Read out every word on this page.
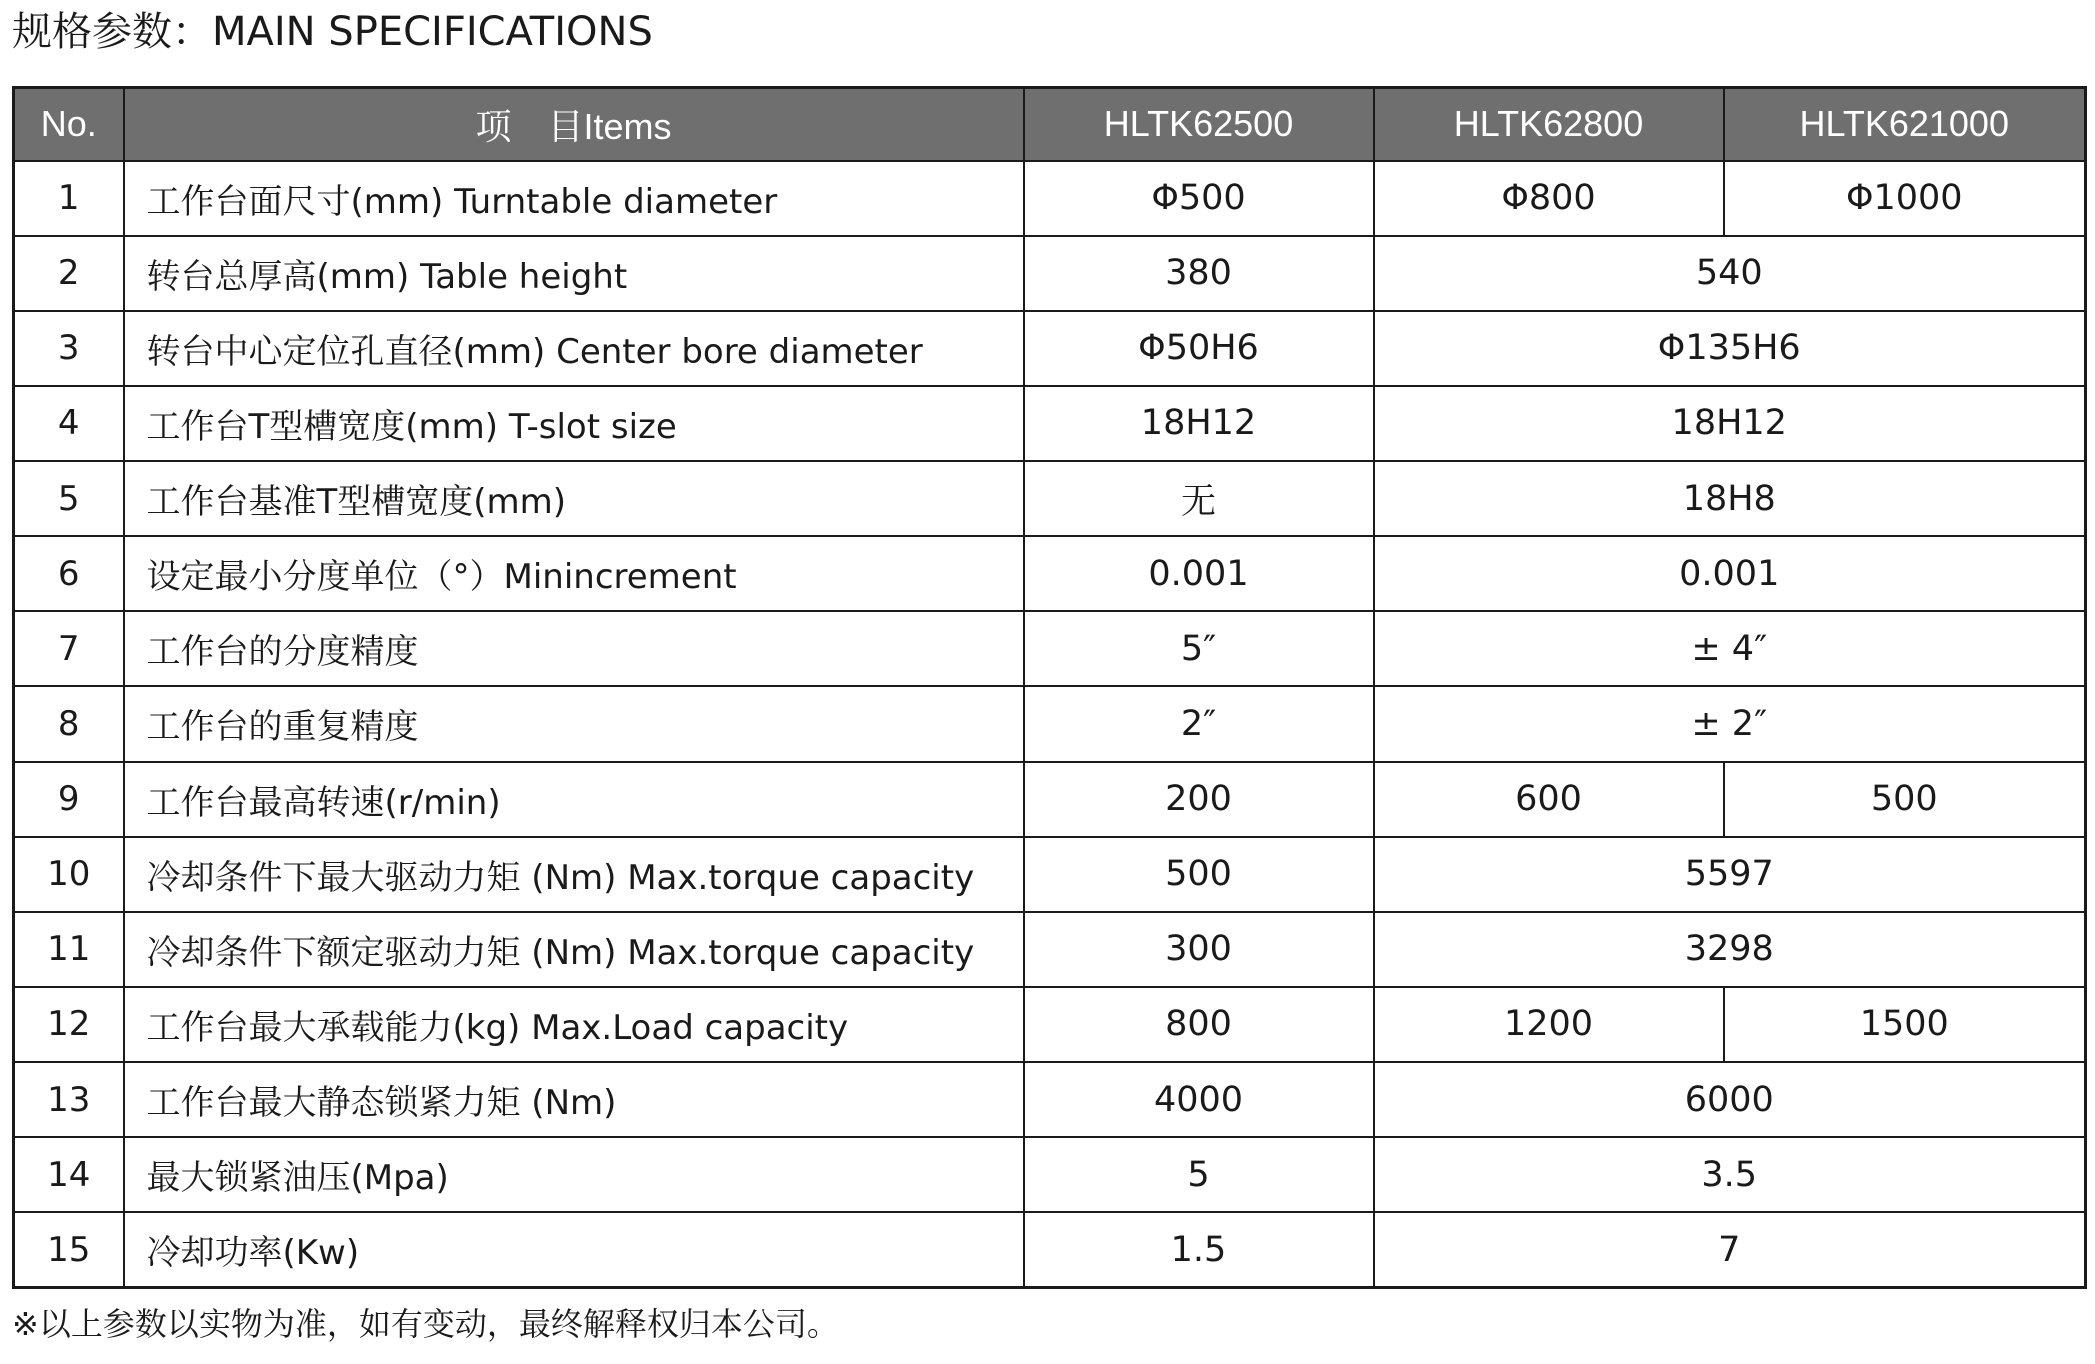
规格参数：MAIN SPECIFICATIONS
No.	项　目Items	HLTK62500	HLTK62800	HLTK621000
1	工作台面尺寸(mm) Turntable diameter	Φ500	Φ800	Φ1000
2	转台总厚高(mm) Table height	380	540	
3	转台中心定位孔直径(mm) Center bore diameter	Φ50H6	Φ135H6	
4	工作台T型槽宽度(mm) T-slot size	18H12	18H12	
5	工作台基准T型槽宽度(mm)	无	18H8	
6	设定最小分度单位（°）Minincrement	0.001	0.001	
7	工作台的分度精度	5″	± 4″	
8	工作台的重复精度	2″	± 2″	
9	工作台最高转速(r/min)	200	600	500
10	冷却条件下最大驱动力矩 (Nm) Max.torque capacity	500	5597	
11	冷却条件下额定驱动力矩 (Nm) Max.torque capacity	300	3298	
12	工作台最大承载能力(kg) Max.Load capacity	800	1200	1500
13	工作台最大静态锁紧力矩 (Nm)	4000	6000	
14	最大锁紧油压(Mpa)	5	3.5	
15	冷却功率(Kw)	1.5	7	
※以上参数以实物为准，如有变动，最终解释权归本公司。
